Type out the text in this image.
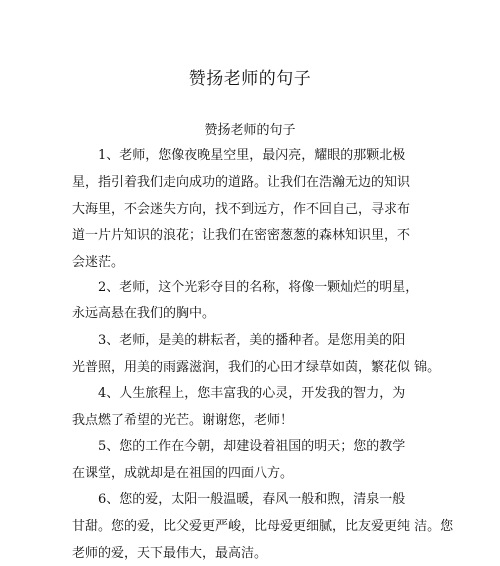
赞扬老师的句子
赞扬老师的句子
1、老师，您像夜晚星空里，最闪亮，耀眼的那颗北极
星，指引着我们走向成功的道路。让我们在浩瀚无边的知识
大海里，不会迷失方向，找不到远方，作不回自己，寻求布
道一片片知识的浪花；让我们在密密葱葱的森林知识里，不
会迷茫。
2、老师，这个光彩夺目的名称，将像一颗灿烂的明星，
永远高悬在我们的胸中。
3、老师，是美的耕耘者，美的播种者。是您用美的阳
光普照，用美的雨露滋润，我们的心田才绿草如茵，繁花似 锦。
4、人生旅程上，您丰富我的心灵，开发我的智力，为
我点燃了希望的光芒。谢谢您，老师！
5、您的工作在今朝，却建设着祖国的明天；您的教学
在课堂，成就却是在祖国的四面八方。
6、您的爱，太阳一般温暖，春风一般和煦，清泉一般
甘甜。您的爱，比父爱更严峻，比母爱更细腻，比友爱更纯 洁。您
老师的爱，天下最伟大，最高洁。
